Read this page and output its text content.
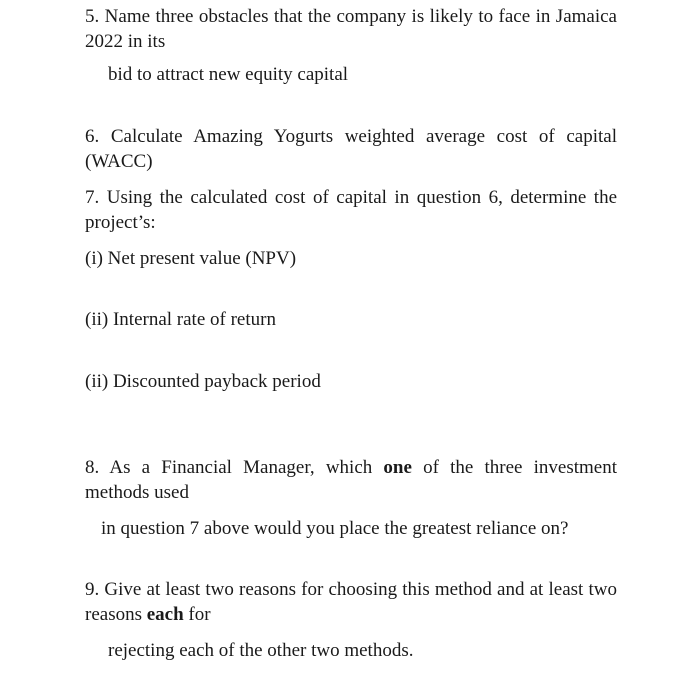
5. Name three obstacles that the company is likely to face in Jamaica 2022 in its

bid to attract new equity capital

6. Calculate Amazing Yogurts weighted average cost of capital (WACC)

7. Using the calculated cost of capital in question 6, determine the project’s:

(i) Net present value (NPV)

(ii) Internal rate of return

(ii) Discounted payback period

8. As a Financial Manager, which one of the three investment methods used

in question 7 above would you place the greatest reliance on?

9. Give at least two reasons for choosing this method and at least two reasons each for

rejecting each of the other two methods.
